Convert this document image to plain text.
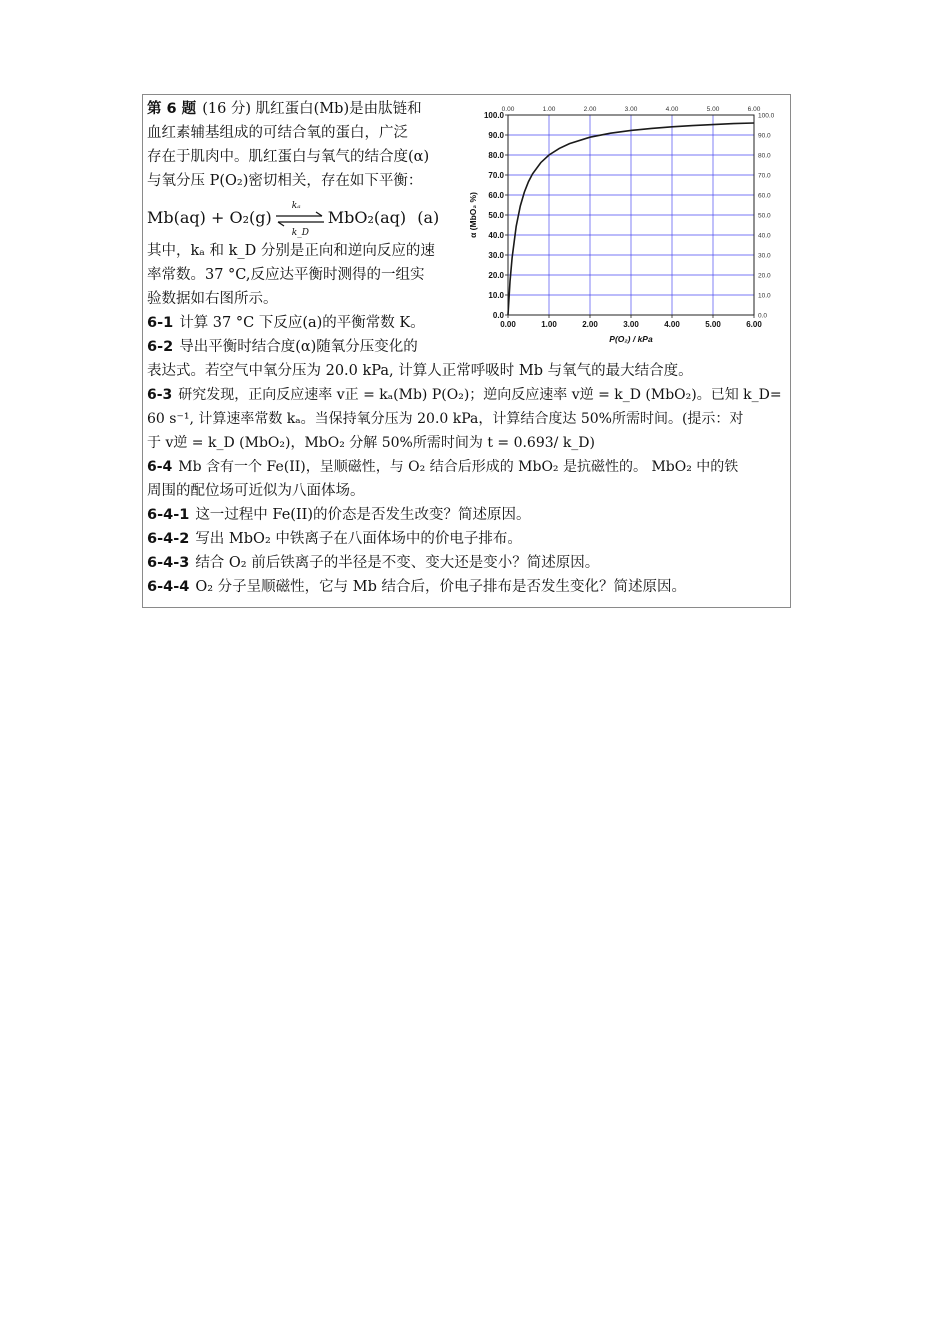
第 6 题 (16 分) 肌红蛋白(Mb)是由肽链和
血红素辅基组成的可结合氧的蛋白，广泛
存在于肌肉中。肌红蛋白与氧气的结合度(α)
与氧分压 P(O₂)密切相关，存在如下平衡：
Mb(aq) + O₂(g)
kₐ
k_D
MbO₂(aq) (a)
其中，kₐ 和 k_D 分别是正向和逆向反应的速
率常数。37 °C,反应达平衡时测得的一组实
验数据如右图所示。
6-1 计算 37 °C 下反应(a)的平衡常数 K。
6-2 导出平衡时结合度(α)随氧分压变化的
表达式。若空气中氧分压为 20.0 kPa, 计算人正常呼吸时 Mb 与氧气的最大结合度。
6-3 研究发现，正向反应速率 v正 = kₐ(Mb) P(O₂)；逆向反应速率 v逆 = k_D (MbO₂)。已知 k_D=
60 s⁻¹, 计算速率常数 kₐ。当保持氧分压为 20.0 kPa，计算结合度达 50%所需时间。(提示：对
于 v逆 = k_D (MbO₂)，MbO₂ 分解 50%所需时间为 t = 0.693/ k_D)
6-4 Mb 含有一个 Fe(II)，呈顺磁性，与 O₂ 结合后形成的 MbO₂ 是抗磁性的。 MbO₂ 中的铁
周围的配位场可近似为八面体场。
6-4-1 这一过程中 Fe(II)的价态是否发生改变？简述原因。
6-4-2 写出 MbO₂ 中铁离子在八面体场中的价电子排布。
6-4-3 结合 O₂ 前后铁离子的半径是不变、变大还是变小？简述原因。
6-4-4 O₂ 分子呈顺磁性，它与 Mb 结合后，价电子排布是否发生变化？简述原因。
0.00
0.00
1.00
1.00
2.00
2.00
3.00
3.00
4.00
4.00
5.00
5.00
6.00
6.00
0.0	0.0
10.0	10.0
20.0	20.0
30.0	30.0
40.0	40.0
50.0	50.0
60.0	60.0
70.0	70.0
80.0	80.0
90.0	90.0
100.0	100.0
P(O₂) / kPa
α (MbO₂ %)
